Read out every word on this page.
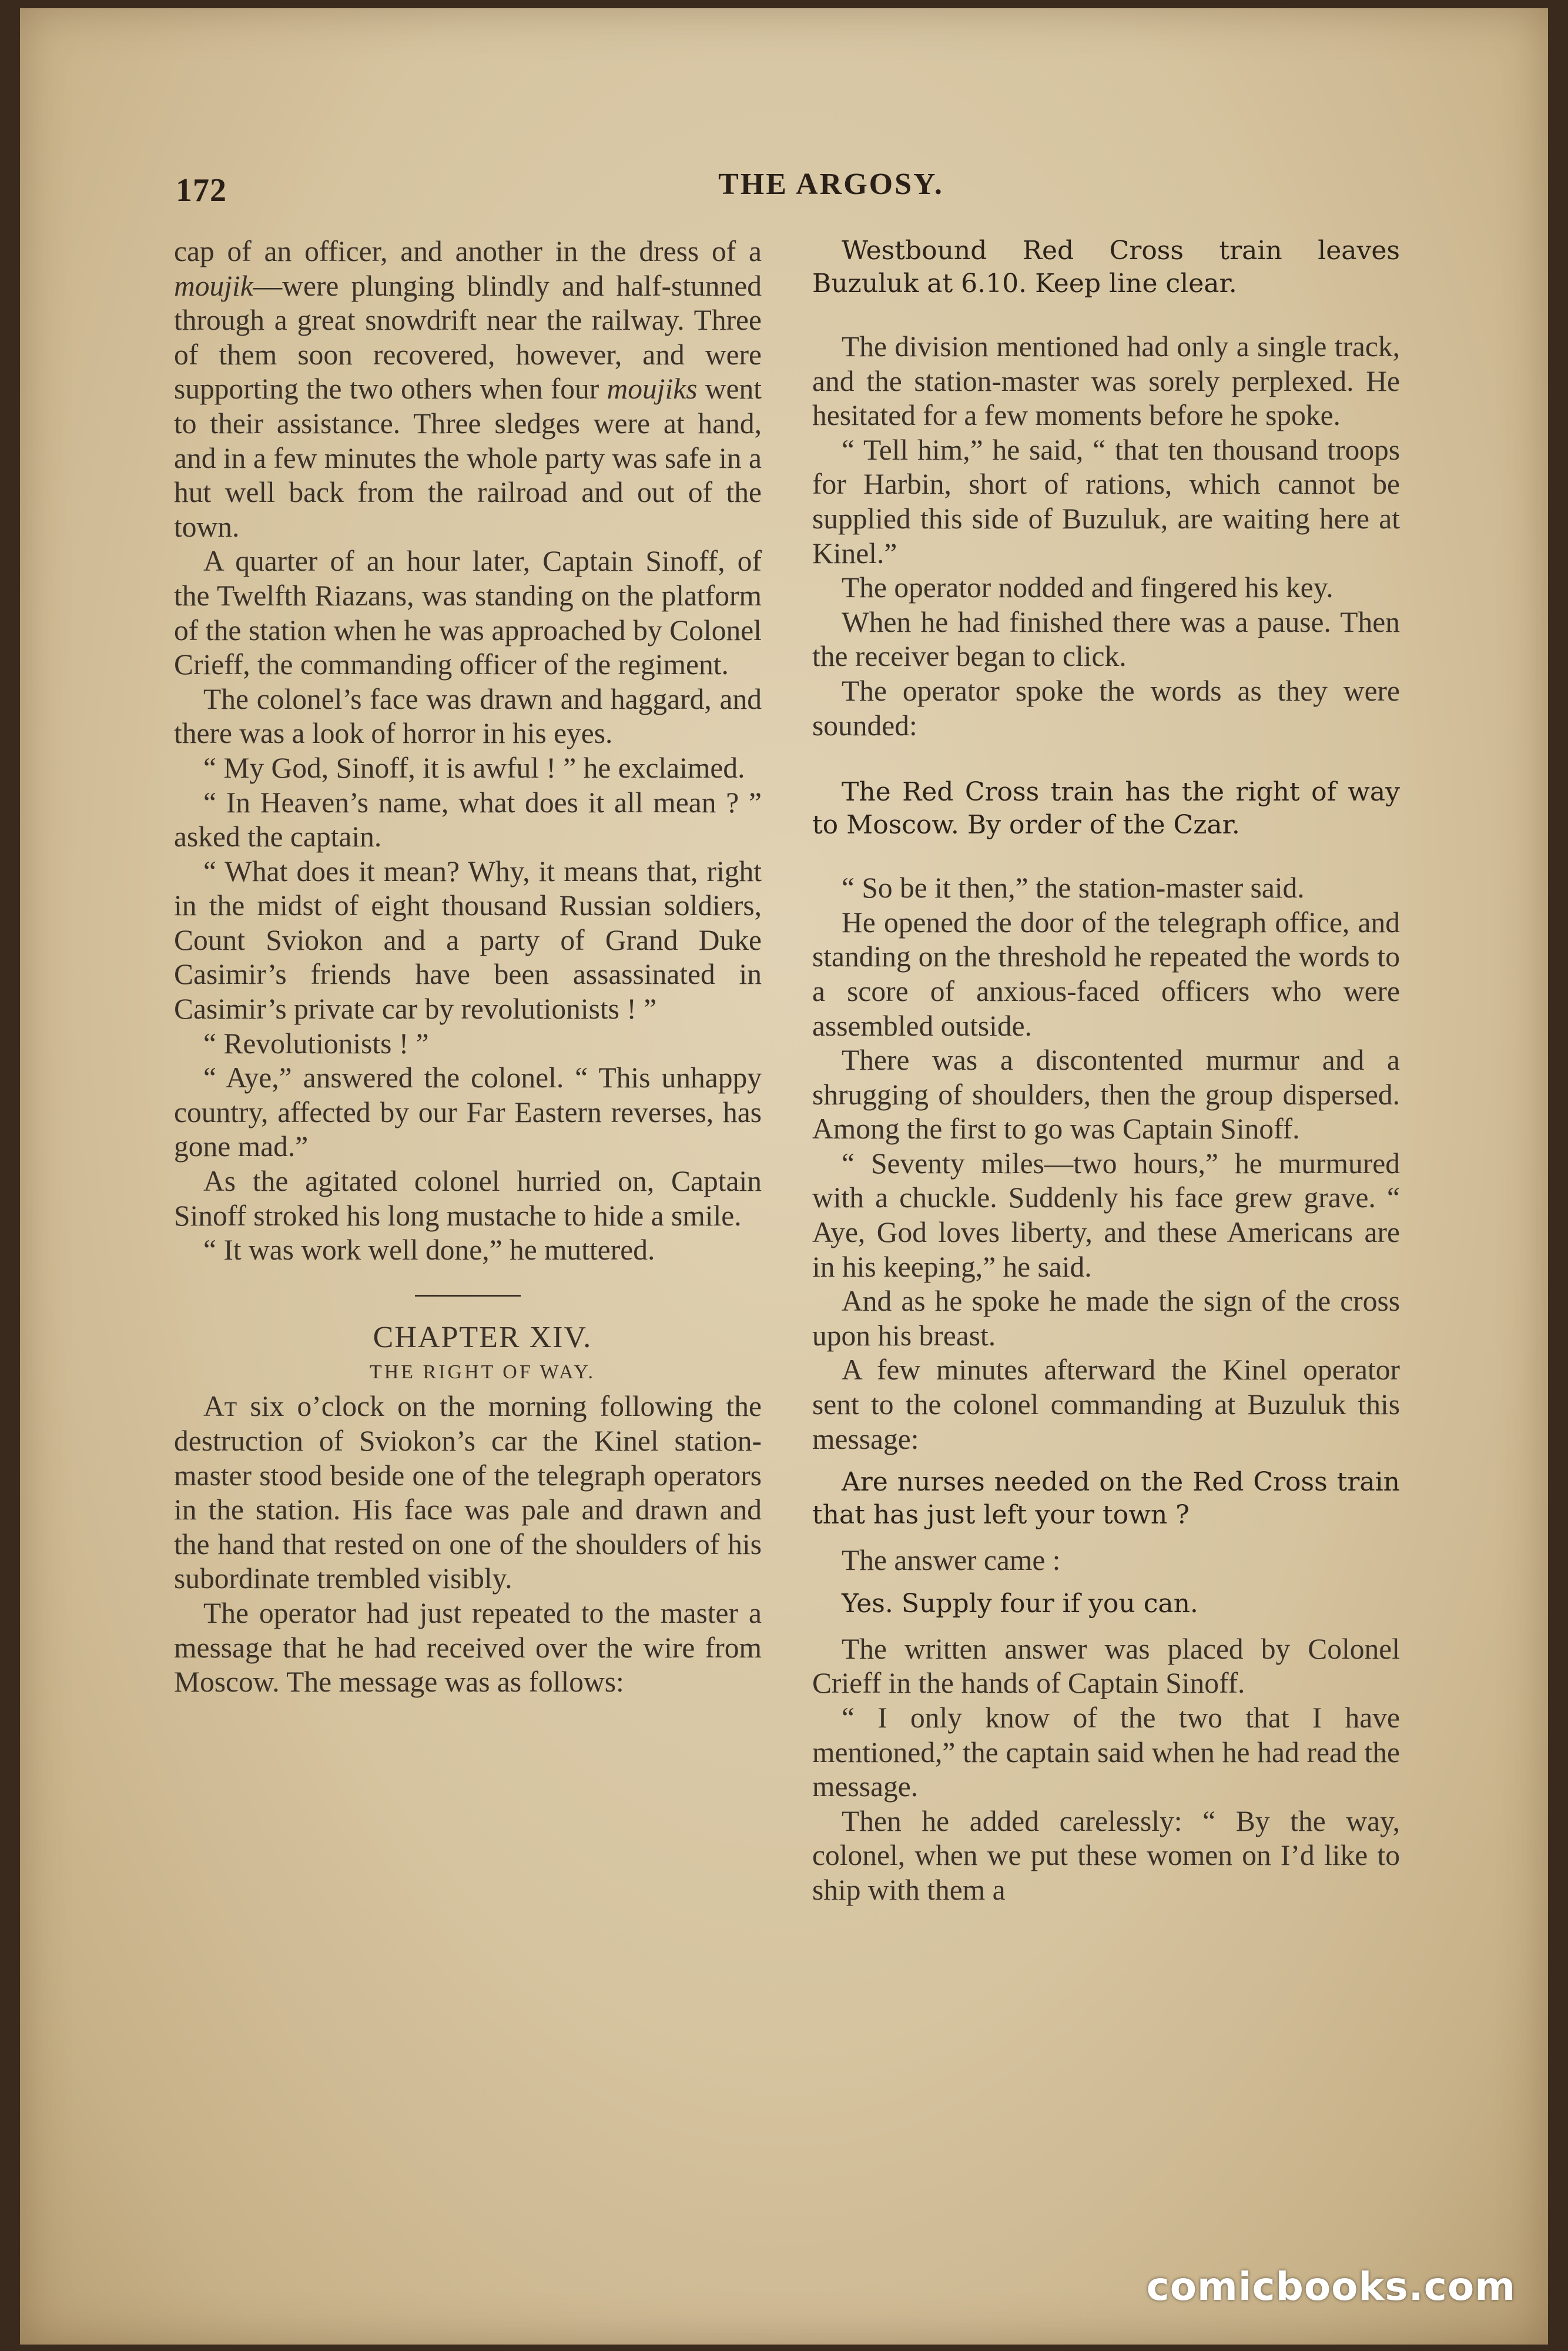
172	THE ARGOSY.

cap of an officer, and another in the dress of a moujik—were plunging blindly and half-stunned through a great snowdrift near the railway. Three of them soon recovered, however, and were supporting the two others when four moujiks went to their assistance. Three sledges were at hand, and in a few minutes the whole party was safe in a hut well back from the railroad and out of the town.

A quarter of an hour later, Captain Sinoff, of the Twelfth Riazans, was standing on the platform of the station when he was approached by Colonel Crieff, the commanding officer of the regiment.

The colonel’s face was drawn and haggard, and there was a look of horror in his eyes.

“ My God, Sinoff, it is awful ! ” he exclaimed.

“ In Heaven’s name, what does it all mean ? ” asked the captain.

“ What does it mean? Why, it means that, right in the midst of eight thousand Russian soldiers, Count Sviokon and a party of Grand Duke Casimir’s friends have been assassinated in Casimir’s private car by revolutionists ! ”

“ Revolutionists ! ”

“ Aye,” answered the colonel. “ This unhappy country, affected by our Far Eastern reverses, has gone mad.”

As the agitated colonel hurried on, Captain Sinoff stroked his long mustache to hide a smile.

“ It was work well done,” he muttered.

CHAPTER XIV.

THE RIGHT OF WAY.

At six o’clock on the morning following the destruction of Sviokon’s car the Kinel station-master stood beside one of the telegraph operators in the station. His face was pale and drawn and the hand that rested on one of the shoulders of his subordinate trembled visibly.

The operator had just repeated to the master a message that he had received over the wire from Moscow. The message was as follows:

Westbound Red Cross train leaves Buzuluk at 6.10. Keep line clear.

The division mentioned had only a single track, and the station-master was sorely perplexed. He hesitated for a few moments before he spoke.

“ Tell him,” he said, “ that ten thousand troops for Harbin, short of rations, which cannot be supplied this side of Buzuluk, are waiting here at Kinel.”

The operator nodded and fingered his key.

When he had finished there was a pause. Then the receiver began to click.

The operator spoke the words as they were sounded:

The Red Cross train has the right of way to Moscow. By order of the Czar.

“ So be it then,” the station-master said.

He opened the door of the telegraph office, and standing on the threshold he repeated the words to a score of anxious-faced officers who were assembled outside.

There was a discontented murmur and a shrugging of shoulders, then the group dispersed. Among the first to go was Captain Sinoff.

“ Seventy miles—two hours,” he murmured with a chuckle. Suddenly his face grew grave. “ Aye, God loves liberty, and these Americans are in his keeping,” he said.

And as he spoke he made the sign of the cross upon his breast.

A few minutes afterward the Kinel operator sent to the colonel commanding at Buzuluk this message:

Are nurses needed on the Red Cross train that has just left your town ?

The answer came :

Yes. Supply four if you can.

The written answer was placed by Colonel Crieff in the hands of Captain Sinoff.

“ I only know of the two that I have mentioned,” the captain said when he had read the message.

Then he added carelessly: “ By the way, colonel, when we put these women on I’d like to ship with them a

comicbooks.com
